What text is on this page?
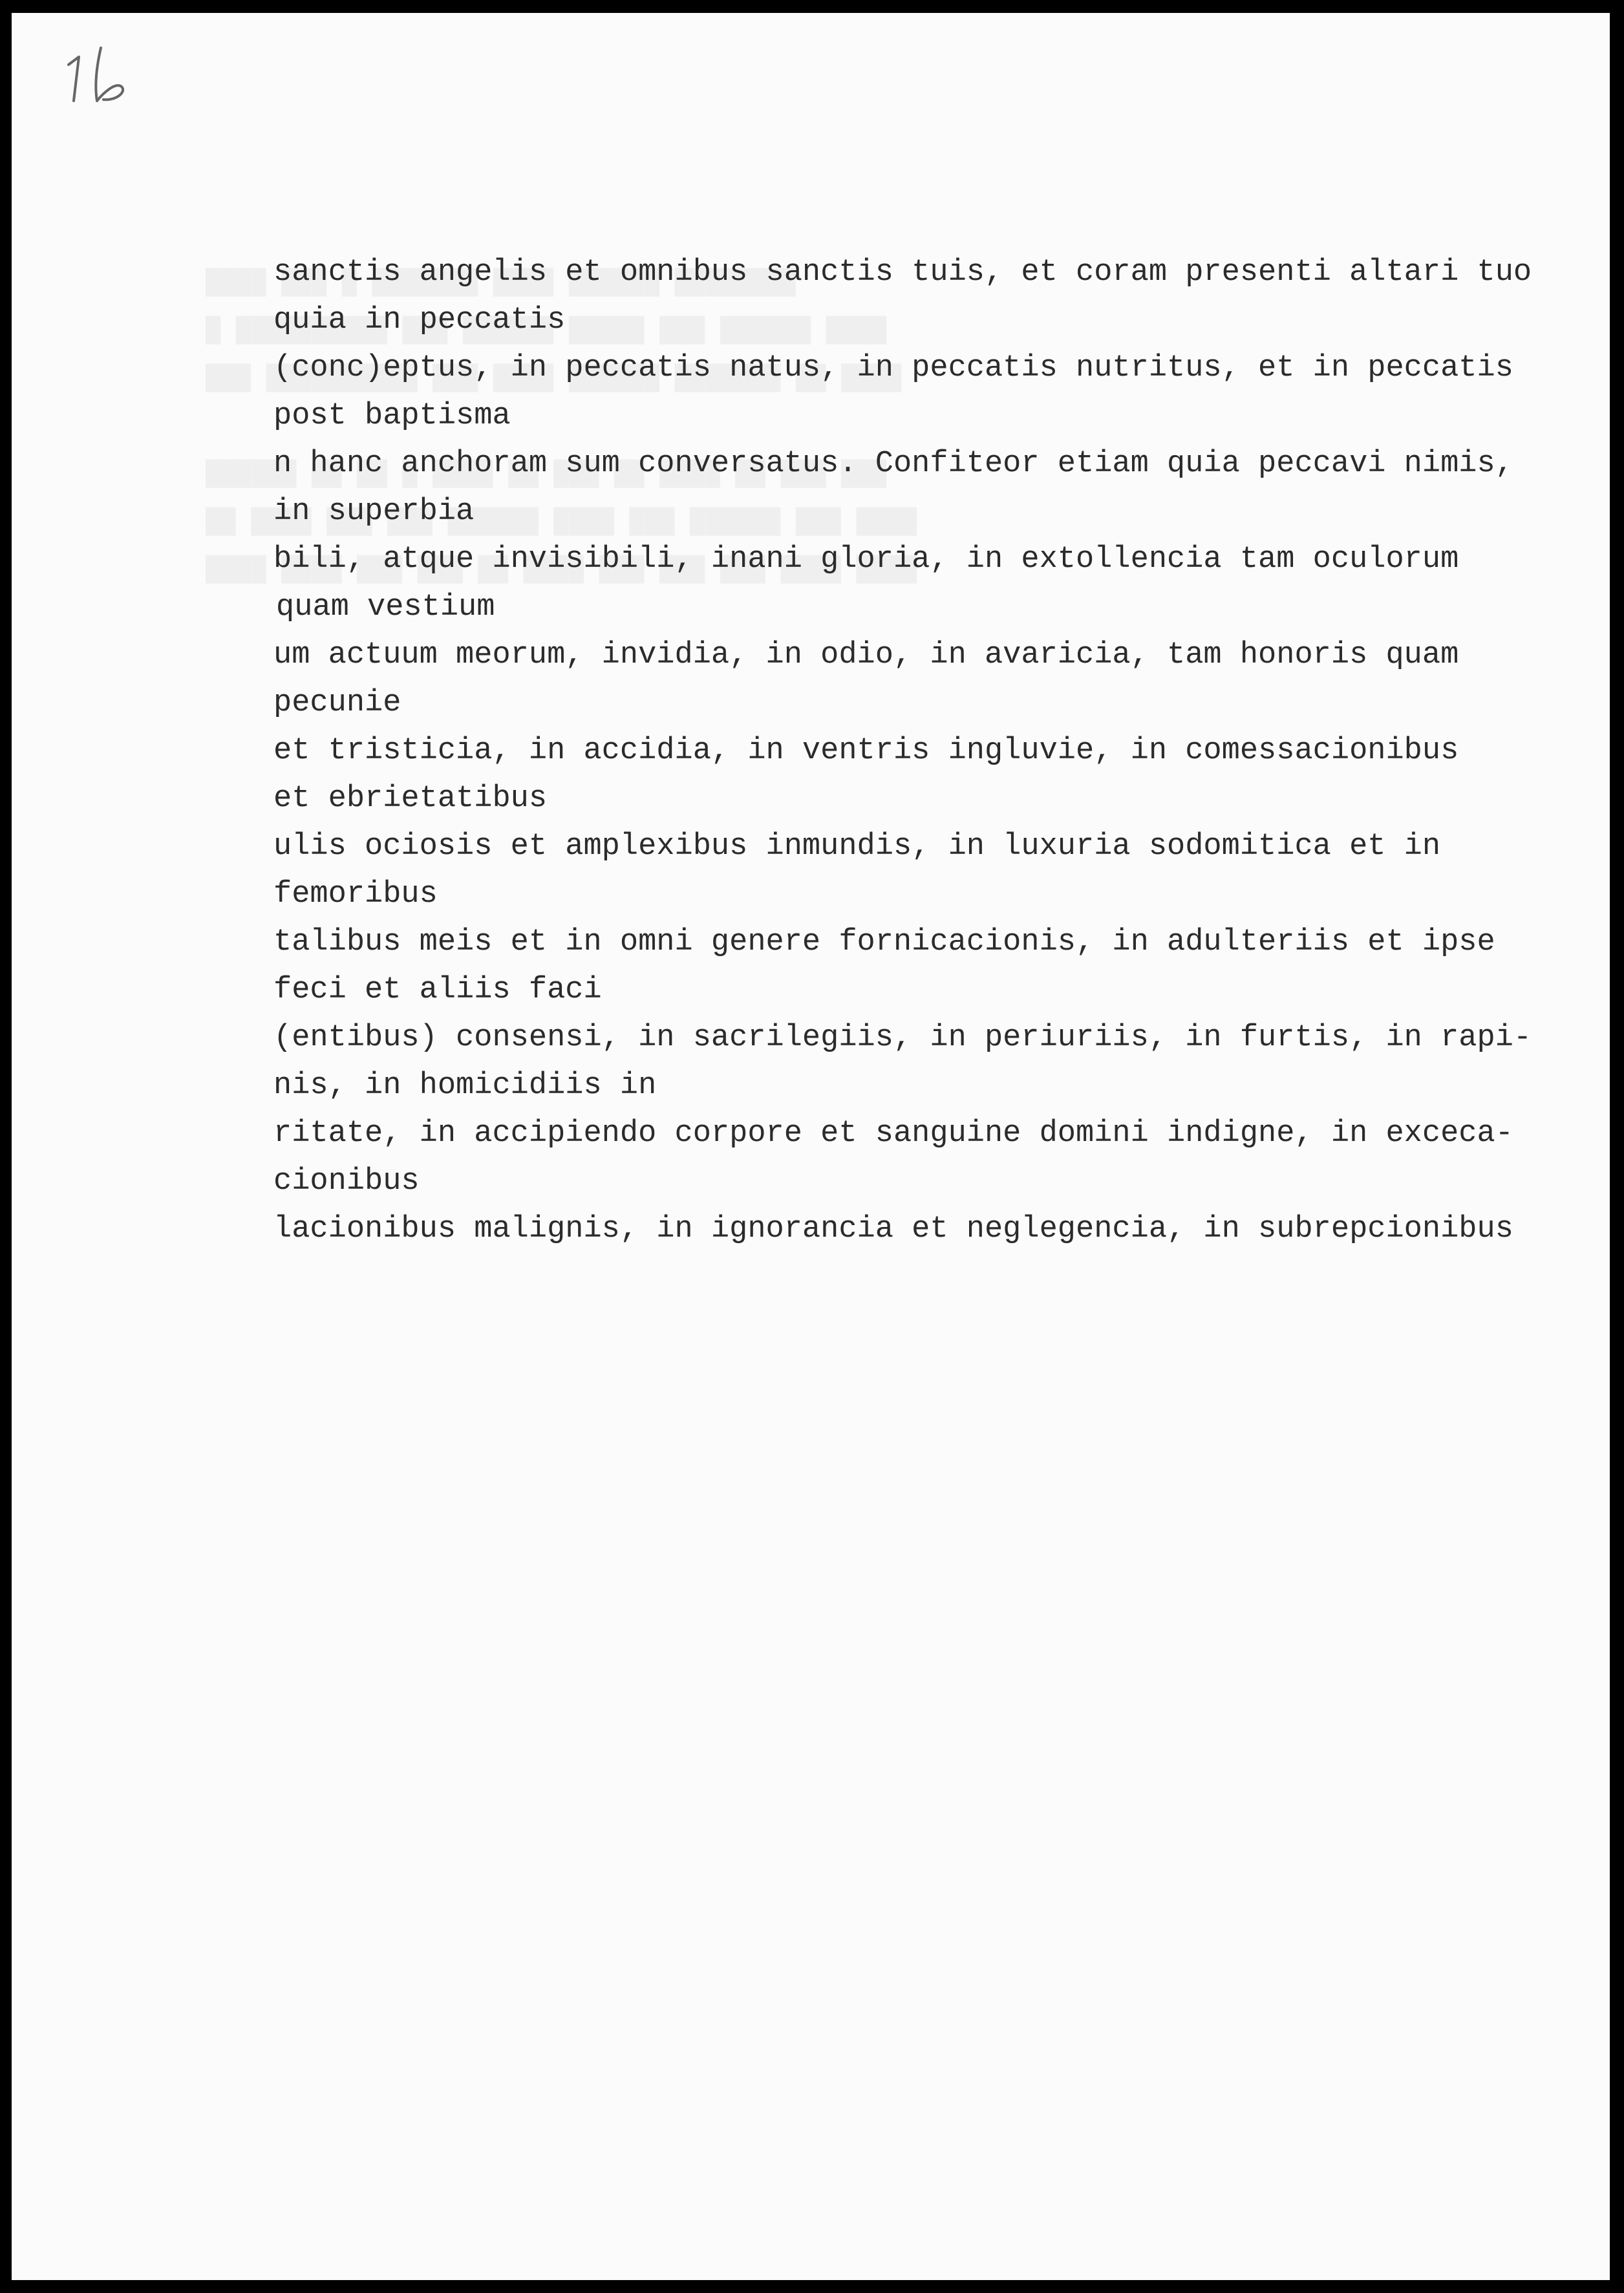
sanctis angelis et omnibus sanctis tuis, et coram presenti altari tuo

quia in peccatis

(conc)eptus, in peccatis natus, in peccatis nutritus, et in peccatis

post baptisma

n hanc anchoram sum conversatus. Confiteor etiam quia peccavi nimis,

in superbia

bili, atque invisibili, inani gloria, in extollencia tam oculorum

quam vestium

um actuum meorum, invidia, in odio, in avaricia, tam honoris quam

pecunie

et tristicia, in accidia, in ventris ingluvie, in comessacionibus

et ebrietatibus

ulis ociosis et amplexibus inmundis, in luxuria sodomitica et in

femoribus

talibus meis et in omni genere fornicacionis, in adulteriis et ipse

feci et aliis faci

(entibus) consensi, in sacrilegiis, in periuriis, in furtis, in rapi-

nis, in homicidiis in

ritate, in accipiendo corpore et sanguine domini indigne, in exceca-

cionibus

lacionibus malignis, in ignorancia et neglegencia, in subrepcionibus
